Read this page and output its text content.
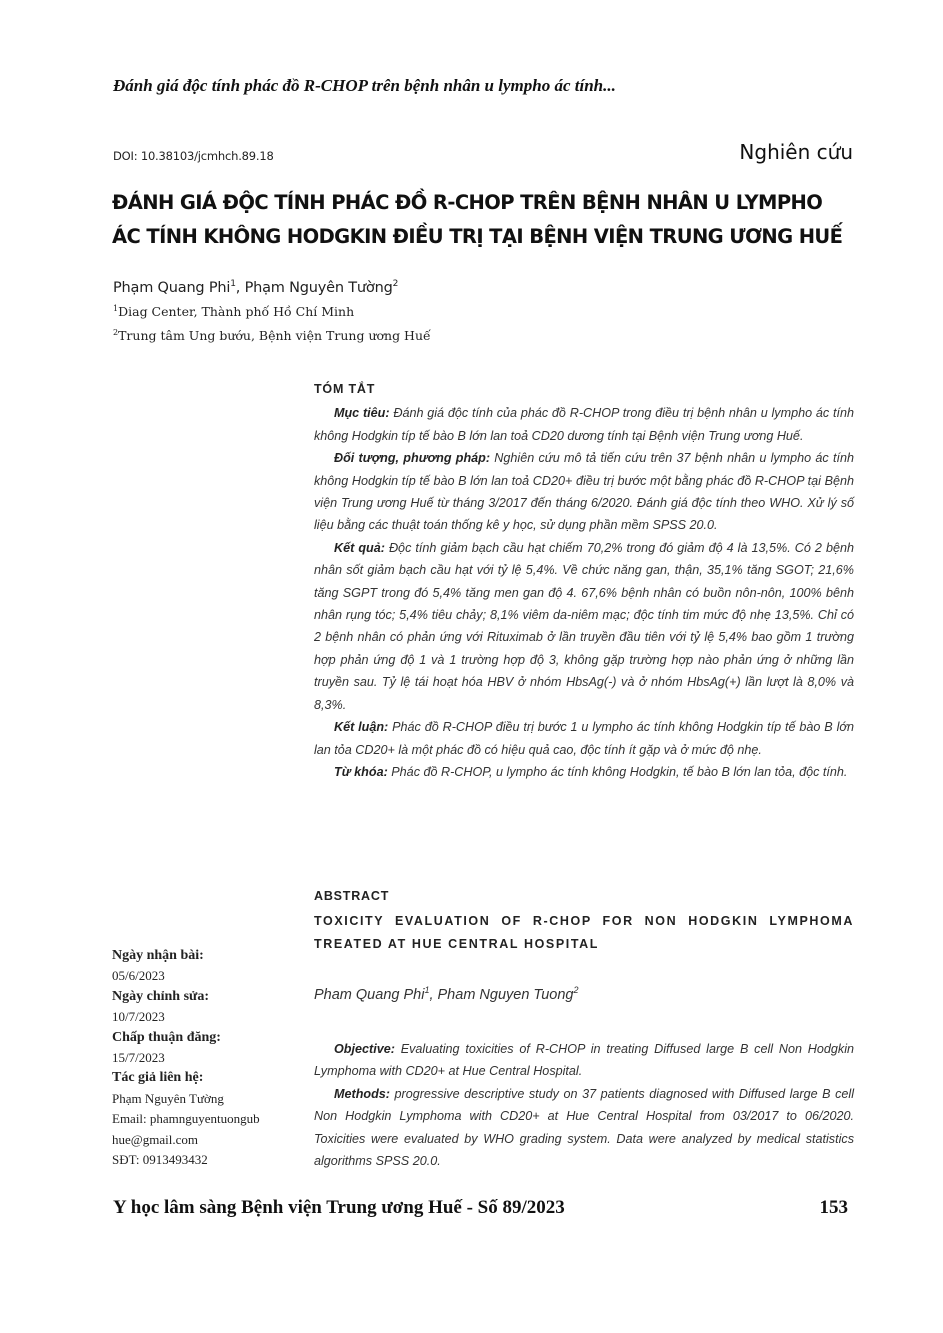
Đánh giá độc tính phác đồ R-CHOP trên bệnh nhân u lympho ác tính...
DOI: 10.38103/jcmhch.89.18	Nghiên cứu
ĐÁNH GIÁ ĐỘC TÍNH PHÁC ĐỒ R-CHOP TRÊN BỆNH NHÂN U LYMPHO
ÁC TÍNH KHÔNG HODGKIN ĐIỀU TRỊ TẠI BỆNH VIỆN TRUNG ƯƠNG HUẾ
Phạm Quang Phi$^1$, Phạm Nguyên Tường$^2$
$^1$Diag Center, Thành phố Hồ Chí Minh
$^2$Trung tâm Ung bướu, Bệnh viện Trung ương Huế
TÓM TẮT

Mục tiêu: Đánh giá độc tính của phác đồ R-CHOP trong điều trị bệnh nhân u lympho ác tính không Hodgkin típ tế bào B lớn lan toả CD20 dương tính tại Bệnh viện Trung ương Huế.

Đối tượng, phương pháp: Nghiên cứu mô tả tiến cứu trên 37 bệnh nhân u lympho ác tính không Hodgkin típ tế bào B lớn lan toả CD20+ điều trị bước một bằng phác đồ R-CHOP tại Bệnh viện Trung ương Huế từ tháng 3/2017 đến tháng 6/2020. Đánh giá độc tính theo WHO. Xử lý số liệu bằng các thuật toán thống kê y học, sử dụng phần mềm SPSS 20.0.

Kết quả: Độc tính giảm bạch cầu hạt chiếm 70,2% trong đó giảm độ 4 là 13,5%. Có 2 bệnh nhân sốt giảm bạch cầu hạt với tỷ lệ 5,4%. Về chức năng gan, thận, 35,1% tăng SGOT; 21,6% tăng SGPT trong đó 5,4% tăng men gan độ 4. 67,6% bệnh nhân có buồn nôn-nôn, 100% bênh nhân rụng tóc; 5,4% tiêu chảy; 8,1% viêm da-niêm mạc; độc tính tim mức độ nhẹ 13,5%. Chỉ có 2 bệnh nhân có phản ứng với Rituximab ở lần truyền đầu tiên với tỷ lệ 5,4% bao gồm 1 trường hợp phản ứng độ 1 và 1 trường hợp độ 3, không gặp trường hợp nào phản ứng ở những lần truyền sau. Tỷ lệ tái hoạt hóa HBV ở nhóm HbsAg(-) và ở nhóm HbsAg(+) lần lượt là 8,0% và 8,3%.

Kết luận: Phác đồ R-CHOP điều trị bước 1 u lympho ác tính không Hodgkin típ tế bào B lớn lan tỏa CD20+ là một phác đồ có hiệu quả cao, độc tính ít gặp và ở mức độ nhẹ.

Từ khóa: Phác đồ R-CHOP, u lympho ác tính không Hodgkin, tế bào B lớn lan tỏa, độc tính.

ABSTRACT
TOXICITY EVALUATION OF R-CHOP FOR NON HODGKIN LYMPHOMA TREATED AT HUE CENTRAL HOSPITAL
Pham Quang Phi$^1$, Pham Nguyen Tuong$^2$

Objective: Evaluating toxicities of R-CHOP in treating Diffused large B cell Non Hodgkin Lymphoma with CD20+ at Hue Central Hospital.

Methods: progressive descriptive study on 37 patients diagnosed with Diffused large B cell Non Hodgkin Lymphoma with CD20+ at Hue Central Hospital from 03/2017 to 06/2020. Toxicities were evaluated by WHO grading system. Data were analyzed by medical statistics algorithms SPSS 20.0.

Ngày nhận bài:
05/6/2023
Ngày chỉnh sửa:
10/7/2023
Chấp thuận đăng:
15/7/2023
Tác giả liên hệ:
Phạm Nguyên Tường
Email: phamnguyentuongub
hue@gmail.com
SĐT: 0913493432
Y học lâm sàng Bệnh viện Trung ương Huế - Số 89/2023	153
